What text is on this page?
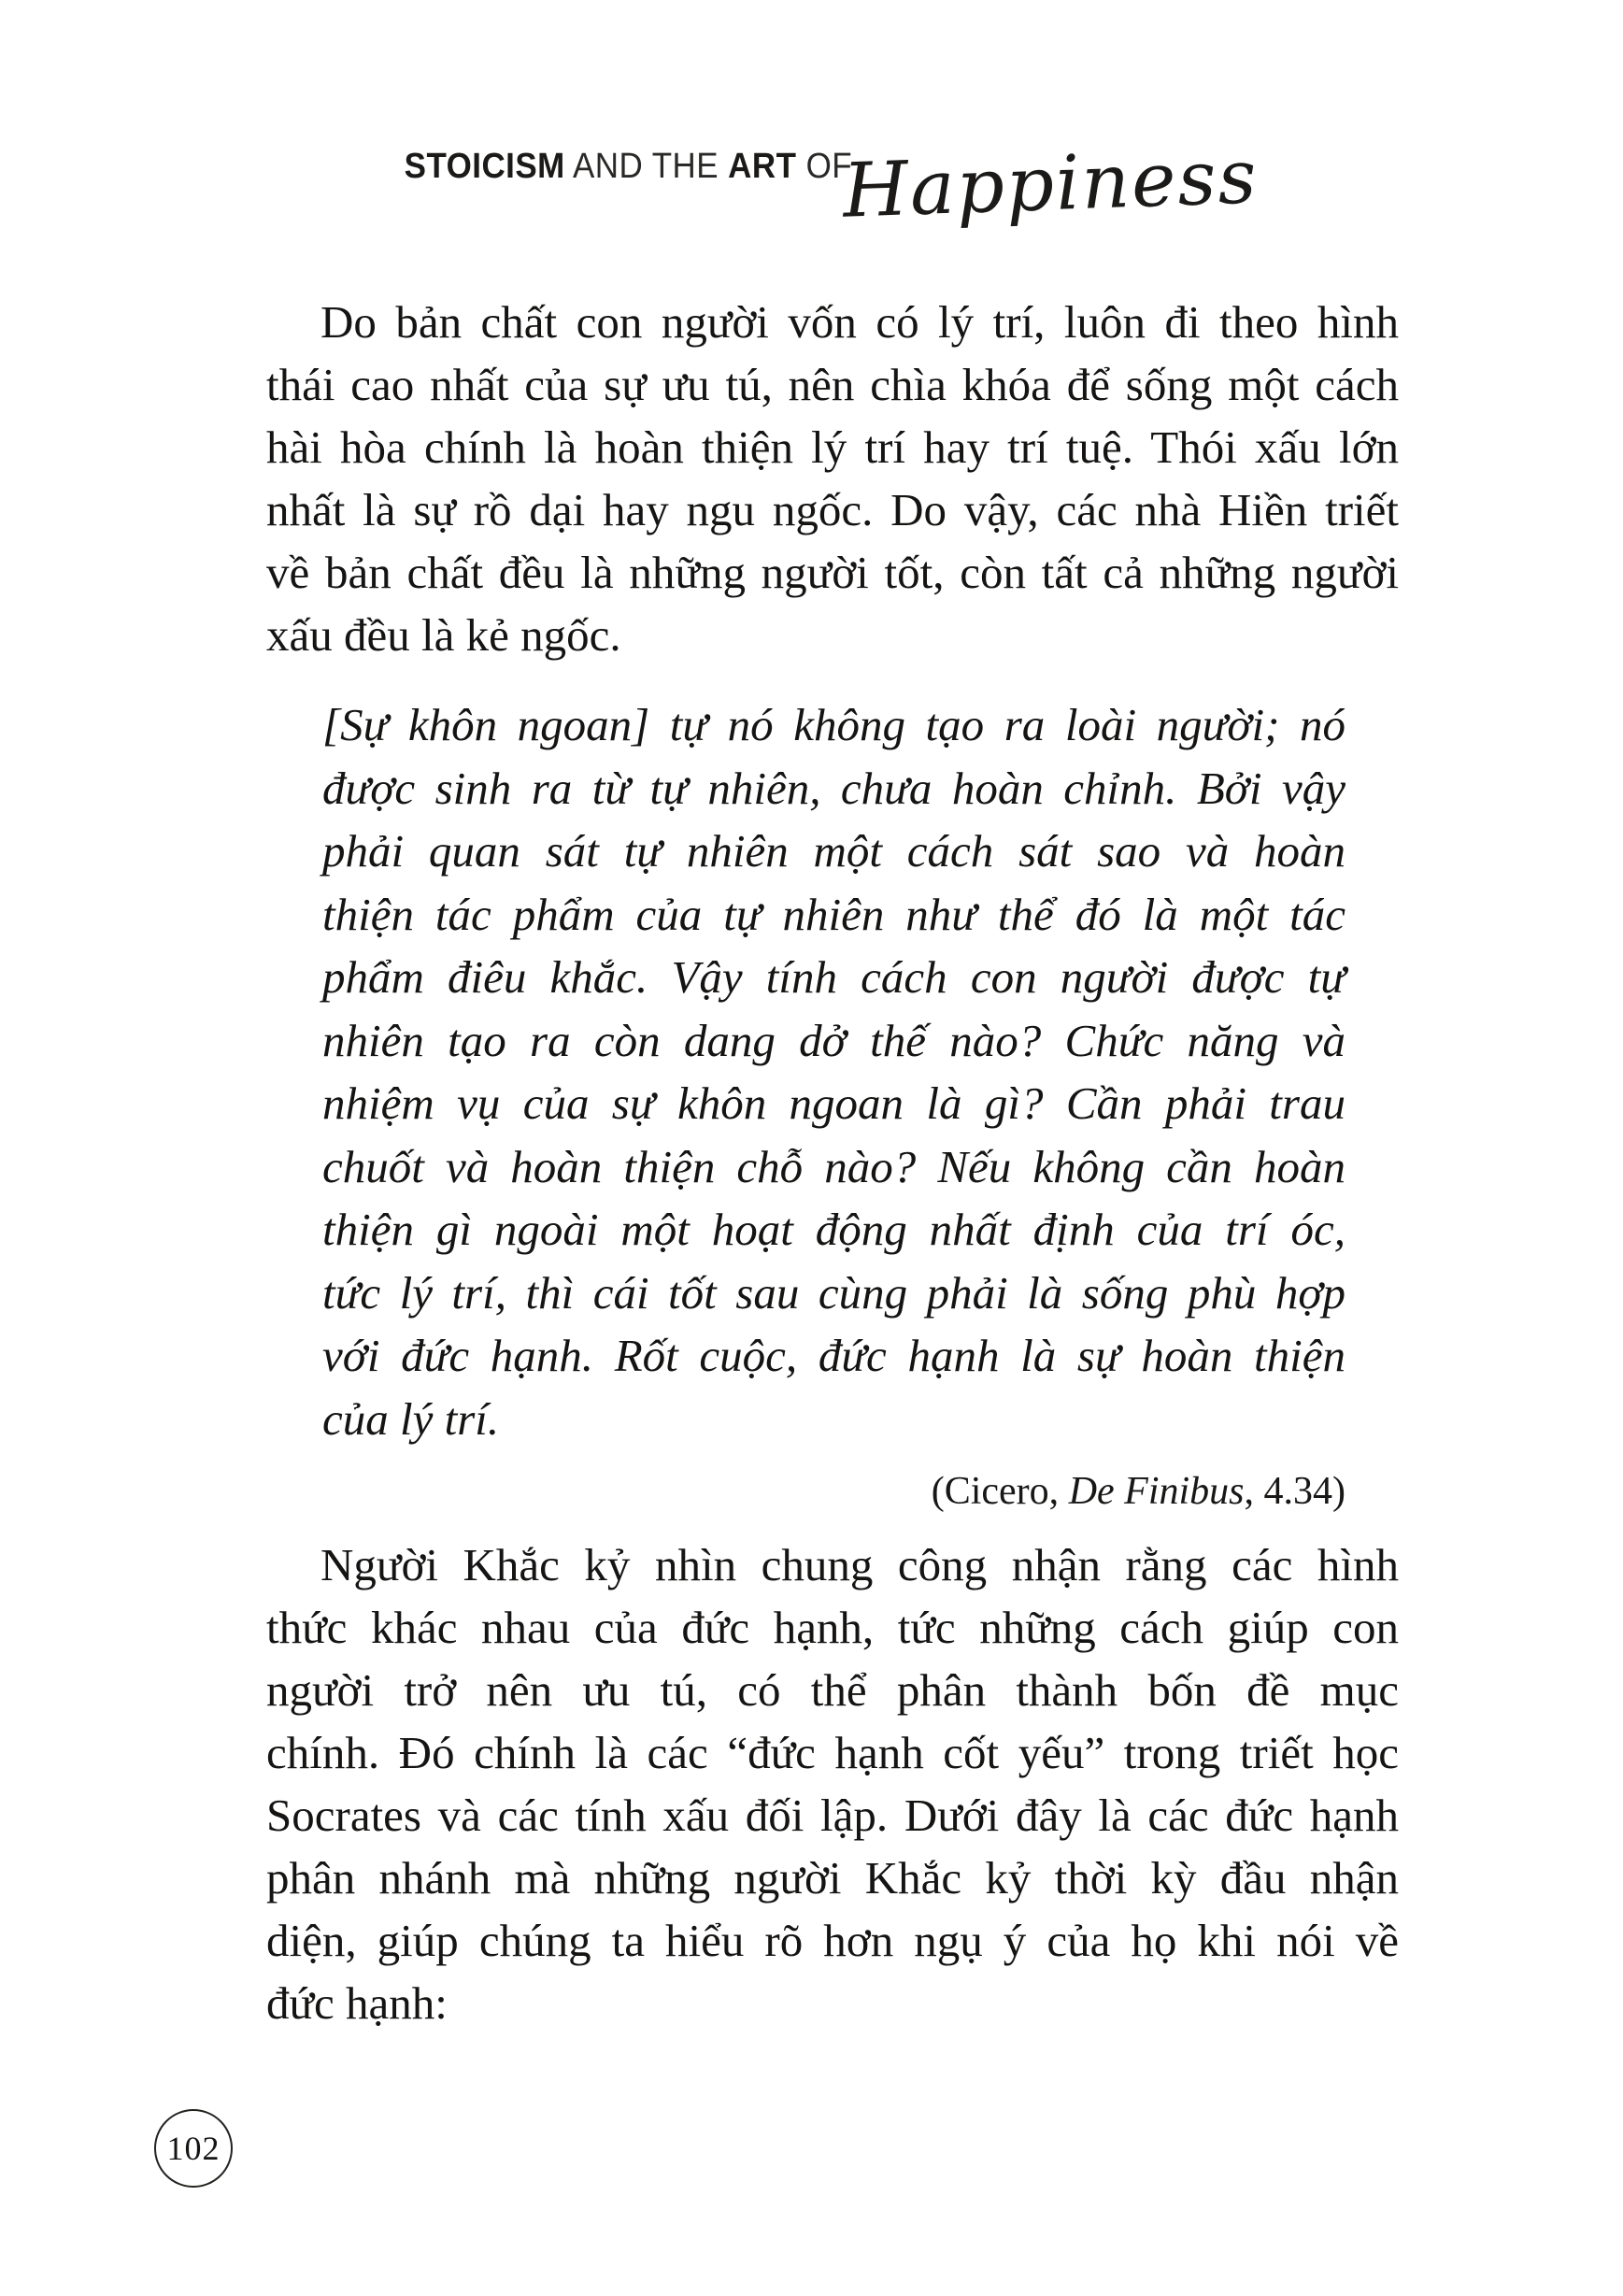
STOICISM AND THE ART OFHappiness
Do bản chất con người vốn có lý trí, luôn đi theo hình
thái cao nhất của sự ưu tú, nên chìa khóa để sống một cách
hài hòa chính là hoàn thiện lý trí hay trí tuệ. Thói xấu lớn
nhất là sự rồ dại hay ngu ngốc. Do vậy, các nhà Hiền triết
về bản chất đều là những người tốt, còn tất cả những người
xấu đều là kẻ ngốc.
[Sự khôn ngoan] tự nó không tạo ra loài người; nó
được sinh ra từ tự nhiên, chưa hoàn chỉnh. Bởi vậy
phải quan sát tự nhiên một cách sát sao và hoàn
thiện tác phẩm của tự nhiên như thể đó là một tác
phẩm điêu khắc. Vậy tính cách con người được tự
nhiên tạo ra còn dang dở thế nào? Chức năng và
nhiệm vụ của sự khôn ngoan là gì? Cần phải trau
chuốt và hoàn thiện chỗ nào? Nếu không cần hoàn
thiện gì ngoài một hoạt động nhất định của trí óc,
tức lý trí, thì cái tốt sau cùng phải là sống phù hợp
với đức hạnh. Rốt cuộc, đức hạnh là sự hoàn thiện
của lý trí.
(Cicero, De Finibus, 4.34)
Người Khắc kỷ nhìn chung công nhận rằng các hình
thức khác nhau của đức hạnh, tức những cách giúp con
người trở nên ưu tú, có thể phân thành bốn đề mục
chính. Đó chính là các “đức hạnh cốt yếu” trong triết học
Socrates và các tính xấu đối lập. Dưới đây là các đức hạnh
phân nhánh mà những người Khắc kỷ thời kỳ đầu nhận
diện, giúp chúng ta hiểu rõ hơn ngụ ý của họ khi nói về
đức hạnh:
102
